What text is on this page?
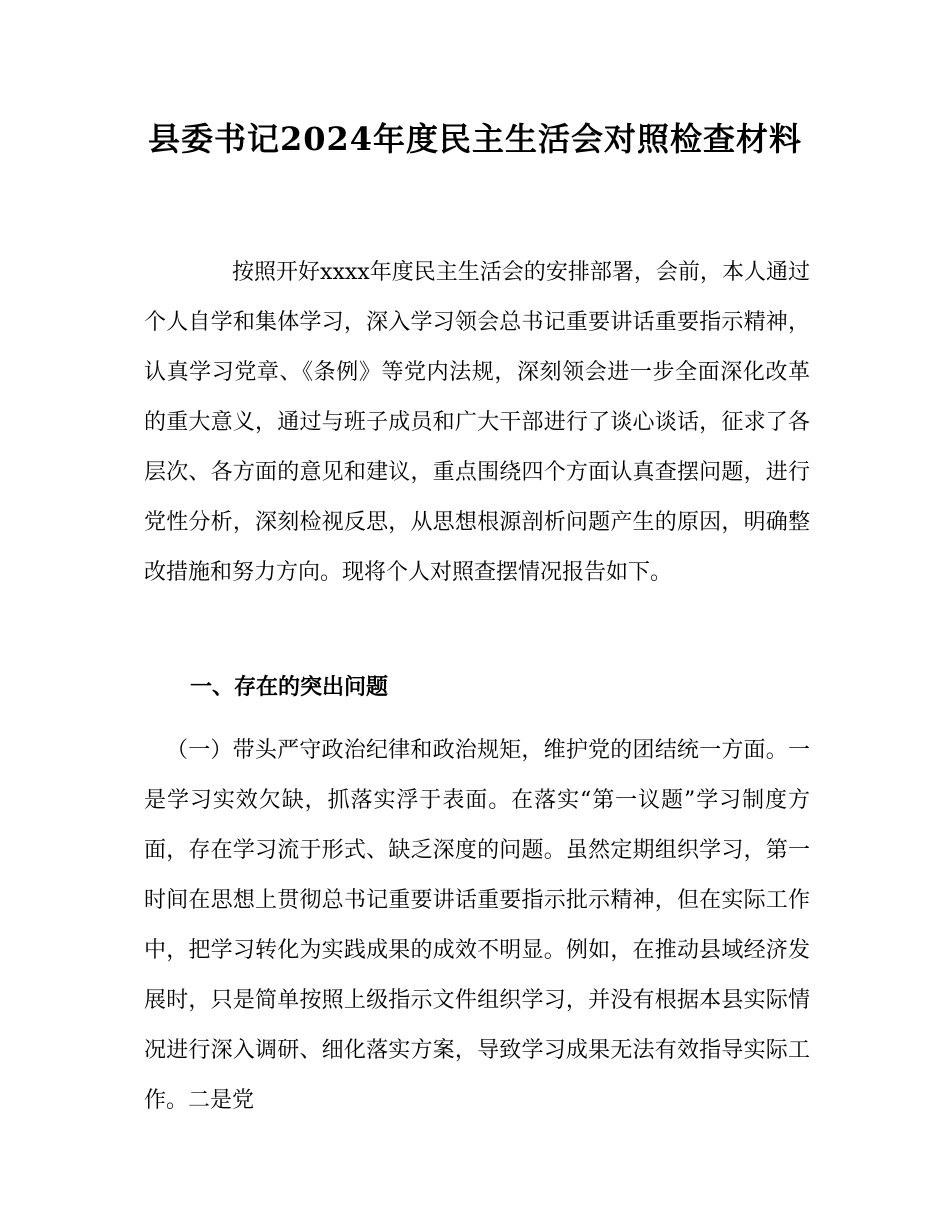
县委书记2024年度民主生活会对照检查材料

按照开好xxxx年度民主生活会的安排部署，会前，本人通过个人自学和集体学习，深入学习领会总书记重要讲话重要指示精神，认真学习党章、《条例》等党内法规，深刻领会进一步全面深化改革的重大意义，通过与班子成员和广大干部进行了谈心谈话，征求了各层次、各方面的意见和建议，重点围绕四个方面认真查摆问题，进行党性分析，深刻检视反思，从思想根源剖析问题产生的原因，明确整改措施和努力方向。现将个人对照查摆情况报告如下。

一、存在的突出问题

（一）带头严守政治纪律和政治规矩，维护党的团结统一方面。一是学习实效欠缺，抓落实浮于表面。在落实“第一议题”学习制度方面，存在学习流于形式、缺乏深度的问题。虽然定期组织学习，第一时间在思想上贯彻总书记重要讲话重要指示批示精神，但在实际工作中，把学习转化为实践成果的成效不明显。例如，在推动县域经济发展时，只是简单按照上级指示文件组织学习，并没有根据本县实际情况进行深入调研、细化落实方案，导致学习成果无法有效指导实际工作。二是党
